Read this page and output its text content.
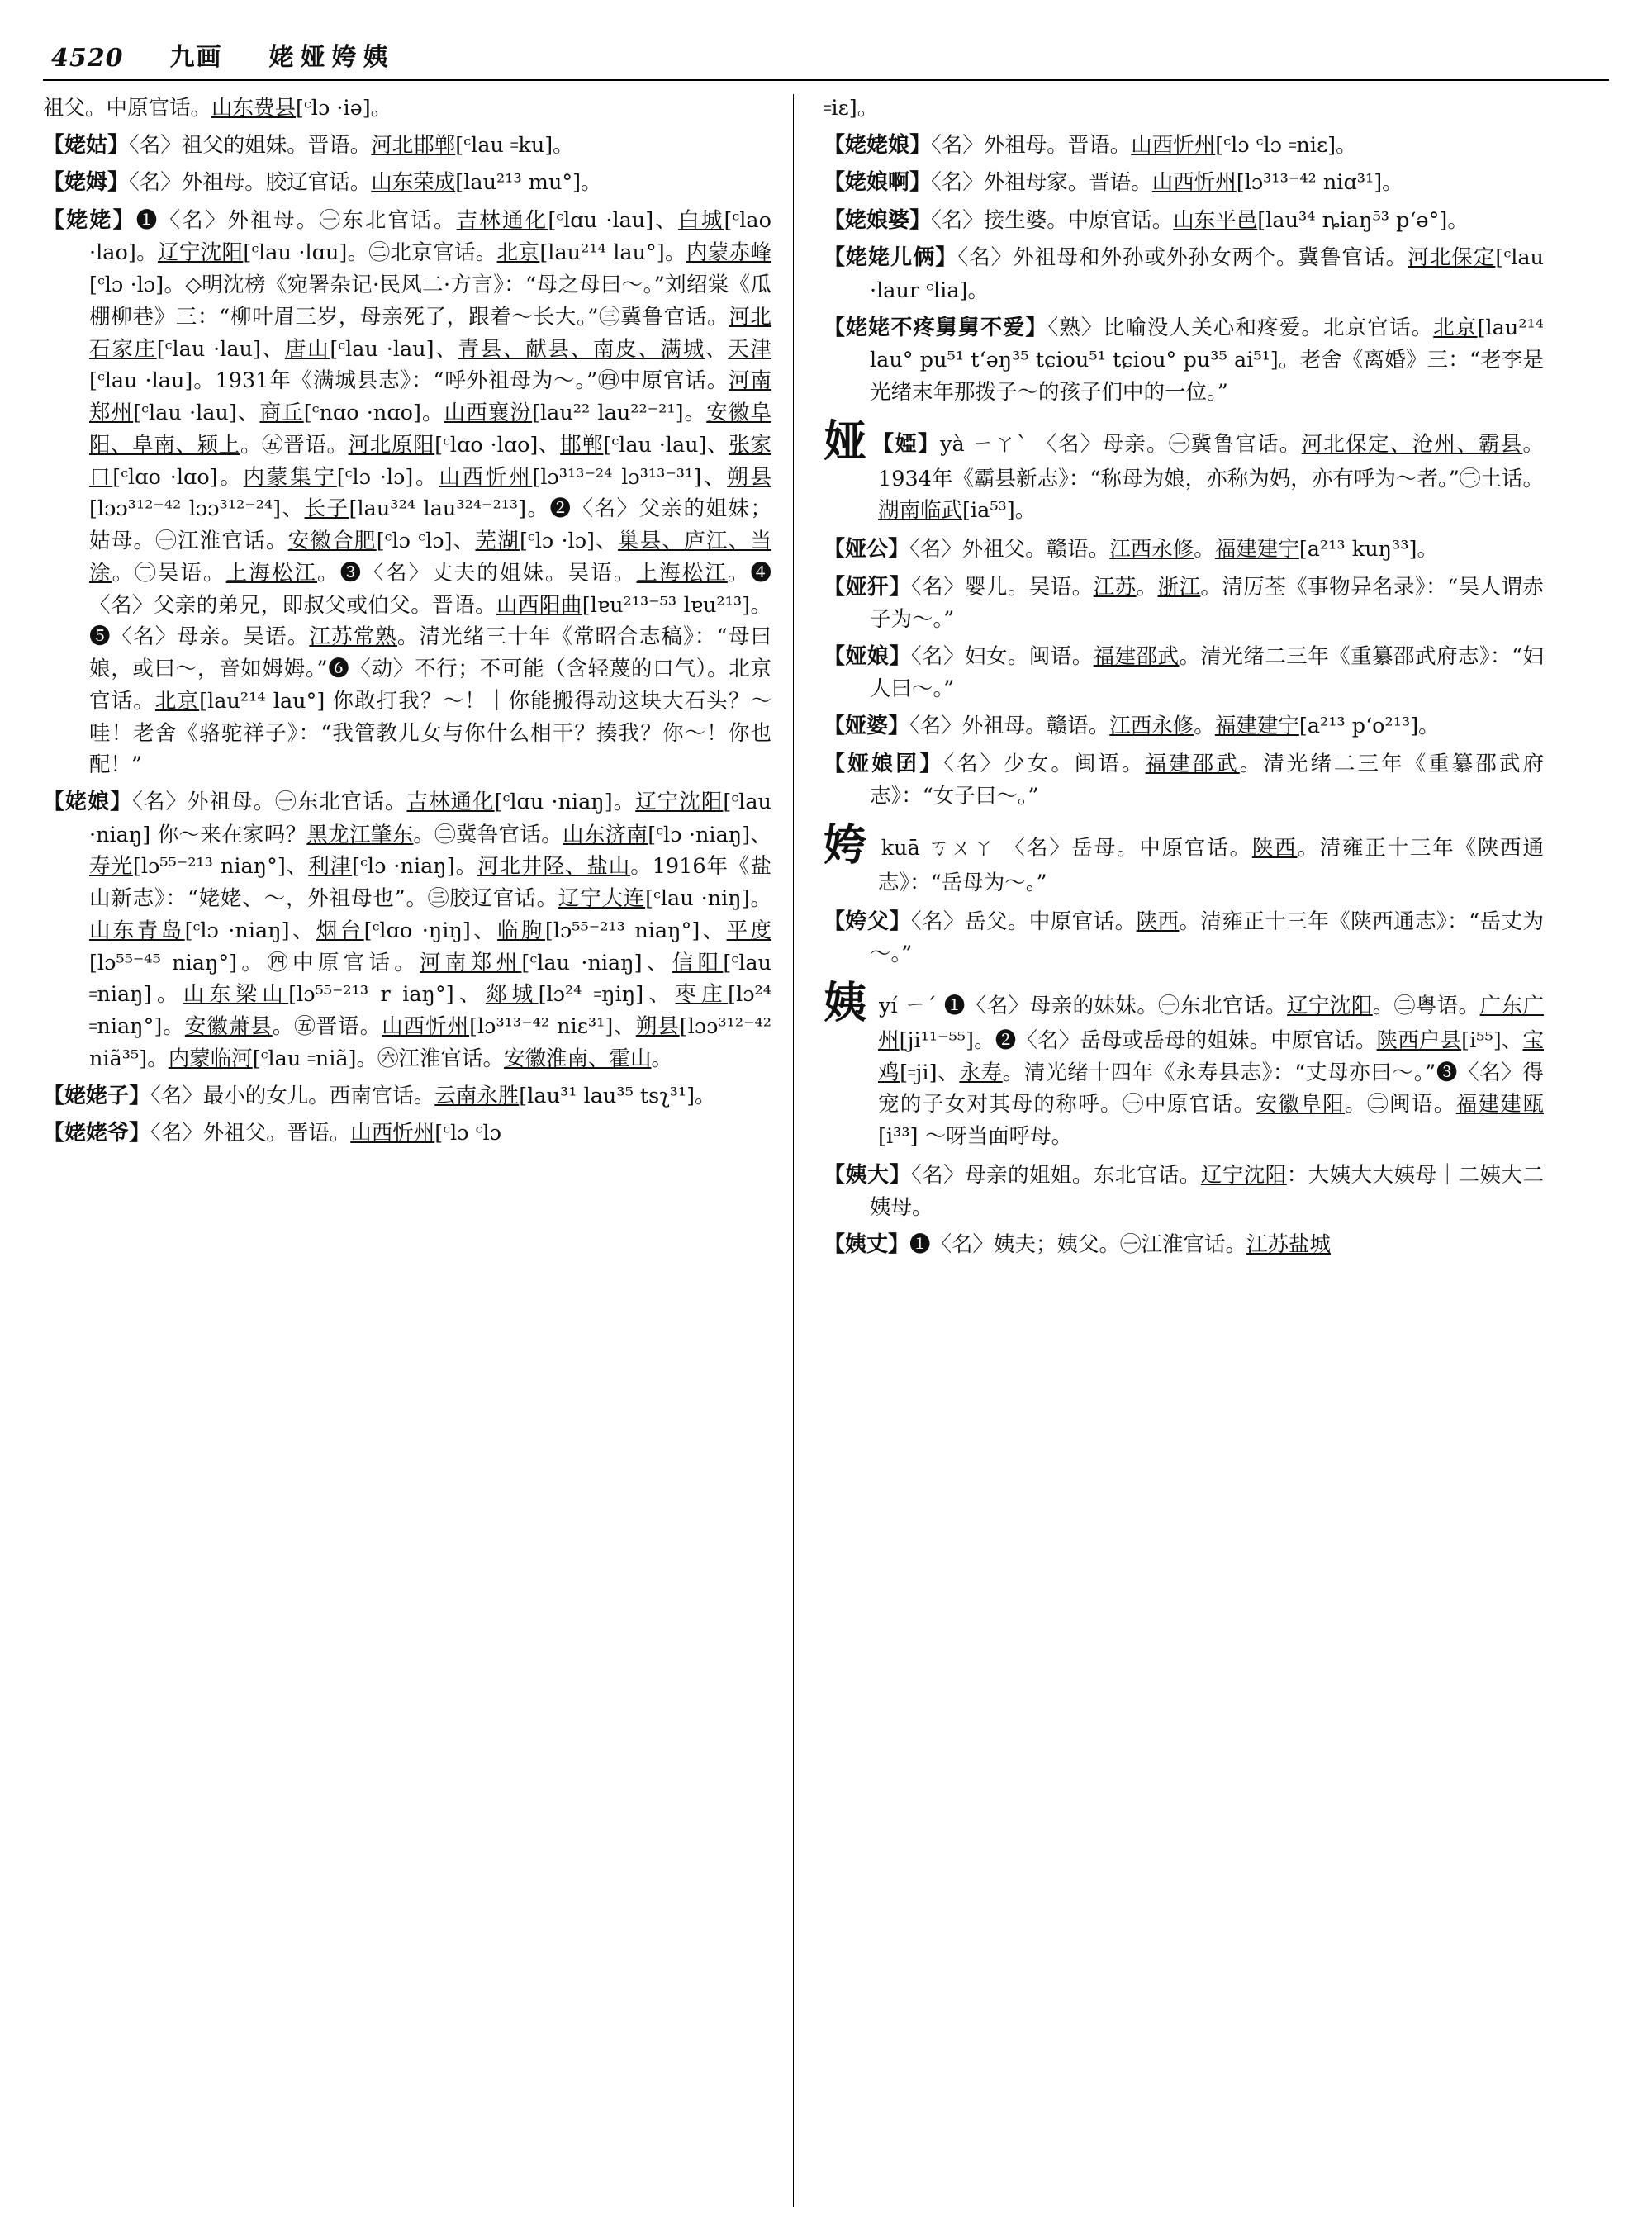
4520 九画 姥娅姱姨

祖父。中原官话。山东费县[ᶜlɔ ·iə]。

【姥姑】〈名〉祖父的姐妹。晋语。河北邯郸[ᶜlau ꞊ku]。

【姥姆】〈名〉外祖母。胶辽官话。山东荣成[lau²¹³ mu°]。

【姥姥】❶〈名〉外祖母。㊀东北官话。吉林通化[ᶜlɑu ·lau]、白城[ᶜlao ·lao]。辽宁沈阳[ᶜlau ·lɑu]。㊁北京官话。北京[lau²¹⁴ lau°]。内蒙赤峰[ᶜlɔ ·lɔ]。◇明沈榜《宛署杂记·民风二·方言》：“母之母曰～。”刘绍棠《瓜棚柳巷》三：“柳叶眉三岁，母亲死了，跟着～长大。”㊂冀鲁官话。河北石家庄[ᶜlau ·lau]、唐山[ᶜlau ·lau]、青县、献县、南皮、满城、天津[ᶜlau ·lau]。1931年《满城县志》：“呼外祖母为～。”㊃中原官话。河南郑州[ᶜlau ·lau]、商丘[ᶜnɑo ·nɑo]。山西襄汾[lau²² lau²²⁻²¹]。安徽阜阳、阜南、颍上。㊄晋语。河北原阳[ᶜlɑo ·lɑo]、邯郸[ᶜlau ·lau]、张家口[ᶜlɑo ·lɑo]。内蒙集宁[ᶜlɔ ·lɔ]。山西忻州[lɔ³¹³⁻²⁴ lɔ³¹³⁻³¹]、朔县[lɔɔ³¹²⁻⁴² lɔɔ³¹²⁻²⁴]、长子[lau³²⁴ lau³²⁴⁻²¹³]。❷〈名〉父亲的姐妹；姑母。㊀江淮官话。安徽合肥[ᶜlɔ ᶜlɔ]、芜湖[ᶜlɔ ·lɔ]、巢县、庐江、当涂。㊁吴语。上海松江。❸〈名〉丈夫的姐妹。吴语。上海松江。❹〈名〉父亲的弟兄，即叔父或伯父。晋语。山西阳曲[lɐu²¹³⁻⁵³ lɐu²¹³]。❺〈名〉母亲。吴语。江苏常熟。清光绪三十年《常昭合志稿》：“母曰娘，或曰～，音如姆姆。”❻〈动〉不行；不可能（含轻蔑的口气）。北京官话。北京[lau²¹⁴ lau°] 你敢打我？～！｜你能搬得动这块大石头？～哇！老舍《骆驼祥子》：“我管教儿女与你什么相干？揍我？你～！你也配！”

【姥娘】〈名〉外祖母。㊀东北官话。吉林通化[ᶜlɑu ·niaŋ]。辽宁沈阳[ᶜlau ·niaŋ] 你～来在家吗？黑龙江肇东。㊁冀鲁官话。山东济南[ᶜlɔ ·niaŋ]、寿光[lɔ⁵⁵⁻²¹³ niaŋ°]、利津[ᶜlɔ ·niaŋ]。河北井陉、盐山。1916年《盐山新志》：“姥姥、～，外祖母也”。㊂胶辽官话。辽宁大连[ᶜlau ·niŋ]。山东青岛[ᶜlɔ ·niaŋ]、烟台[ᶜlɑo ·ŋiŋ]、临朐[lɔ⁵⁵⁻²¹³ niaŋ°]、平度[lɔ⁵⁵⁻⁴⁵ niaŋ°]。㊃中原官话。河南郑州[ᶜlau ·niaŋ]、信阳[ᶜlau ꞊niaŋ]。山东梁山[lɔ⁵⁵⁻²¹³ r iaŋ°]、郯城[lɔ²⁴ ꞊ŋiŋ]、枣庄[lɔ²⁴ ꞊niaŋ°]。安徽萧县。㊄晋语。山西忻州[lɔ³¹³⁻⁴² niɛ³¹]、朔县[lɔɔ³¹²⁻⁴² niã³⁵]。内蒙临河[ᶜlau ꞊niã]。㊅江淮官话。安徽淮南、霍山。

【姥姥子】〈名〉最小的女儿。西南官话。云南永胜[lau³¹ lau³⁵ tsʅ³¹]。

【姥姥爷】〈名〉外祖父。晋语。山西忻州[ᶜlɔ ᶜlɔ

꞊iɛ]。

【姥姥娘】〈名〉外祖母。晋语。山西忻州[ᶜlɔ ᶜlɔ ꞊niɛ]。

【姥娘啊】〈名〉外祖母家。晋语。山西忻州[lɔ³¹³⁻⁴² niɑ³¹]。

【姥娘婆】〈名〉接生婆。中原官话。山东平邑[lau³⁴ ȵiaŋ⁵³ pʻə°]。

【姥姥儿俩】〈名〉外祖母和外孙或外孙女两个。冀鲁官话。河北保定[ᶜlau ·laur ᶜlia]。

【姥姥不疼舅舅不爱】〈熟〉比喻没人关心和疼爱。北京官话。北京[lau²¹⁴ lau° pu⁵¹ tʻəŋ³⁵ tɕiou⁵¹ tɕiou° pu³⁵ ai⁵¹]。老舍《离婚》三：“老李是光绪末年那拨子～的孩子们中的一位。”

娅 【婭】yà ㄧㄚˋ 〈名〉母亲。㊀冀鲁官话。河北保定、沧州、霸县。1934年《霸县新志》：“称母为娘，亦称为妈，亦有呼为～者。”㊁土话。湖南临武[ia⁵³]。

【娅公】〈名〉外祖父。赣语。江西永修。福建建宁[a²¹³ kuŋ³³]。

【娅犴】〈名〉婴儿。吴语。江苏。浙江。清厉荃《事物异名录》：“吴人谓赤子为～。”

【娅娘】〈名〉妇女。闽语。福建邵武。清光绪二三年《重纂邵武府志》：“妇人曰～。”

【娅婆】〈名〉外祖母。赣语。江西永修。福建建宁[a²¹³ pʻo²¹³]。

【娅娘囝】〈名〉少女。闽语。福建邵武。清光绪二三年《重纂邵武府志》：“女子曰～。”

姱 kuā ㄎㄨㄚ 〈名〉岳母。中原官话。陕西。清雍正十三年《陕西通志》：“岳母为～。”

【姱父】〈名〉岳父。中原官话。陕西。清雍正十三年《陕西通志》：“岳丈为～。”

姨 yí ㄧˊ ❶〈名〉母亲的妹妹。㊀东北官话。辽宁沈阳。㊁粤语。广东广州[ji¹¹⁻⁵⁵]。❷〈名〉岳母或岳母的姐妹。中原官话。陕西户县[i⁵⁵]、宝鸡[꞊ji]、永寿。清光绪十四年《永寿县志》：“丈母亦曰～。”❸〈名〉得宠的子女对其母的称呼。㊀中原官话。安徽阜阳。㊁闽语。福建建瓯[i³³] ～呀当面呼母。

【姨大】〈名〉母亲的姐姐。东北官话。辽宁沈阳：大姨大大姨母｜二姨大二姨母。

【姨丈】❶〈名〉姨夫；姨父。㊀江淮官话。江苏盐城
